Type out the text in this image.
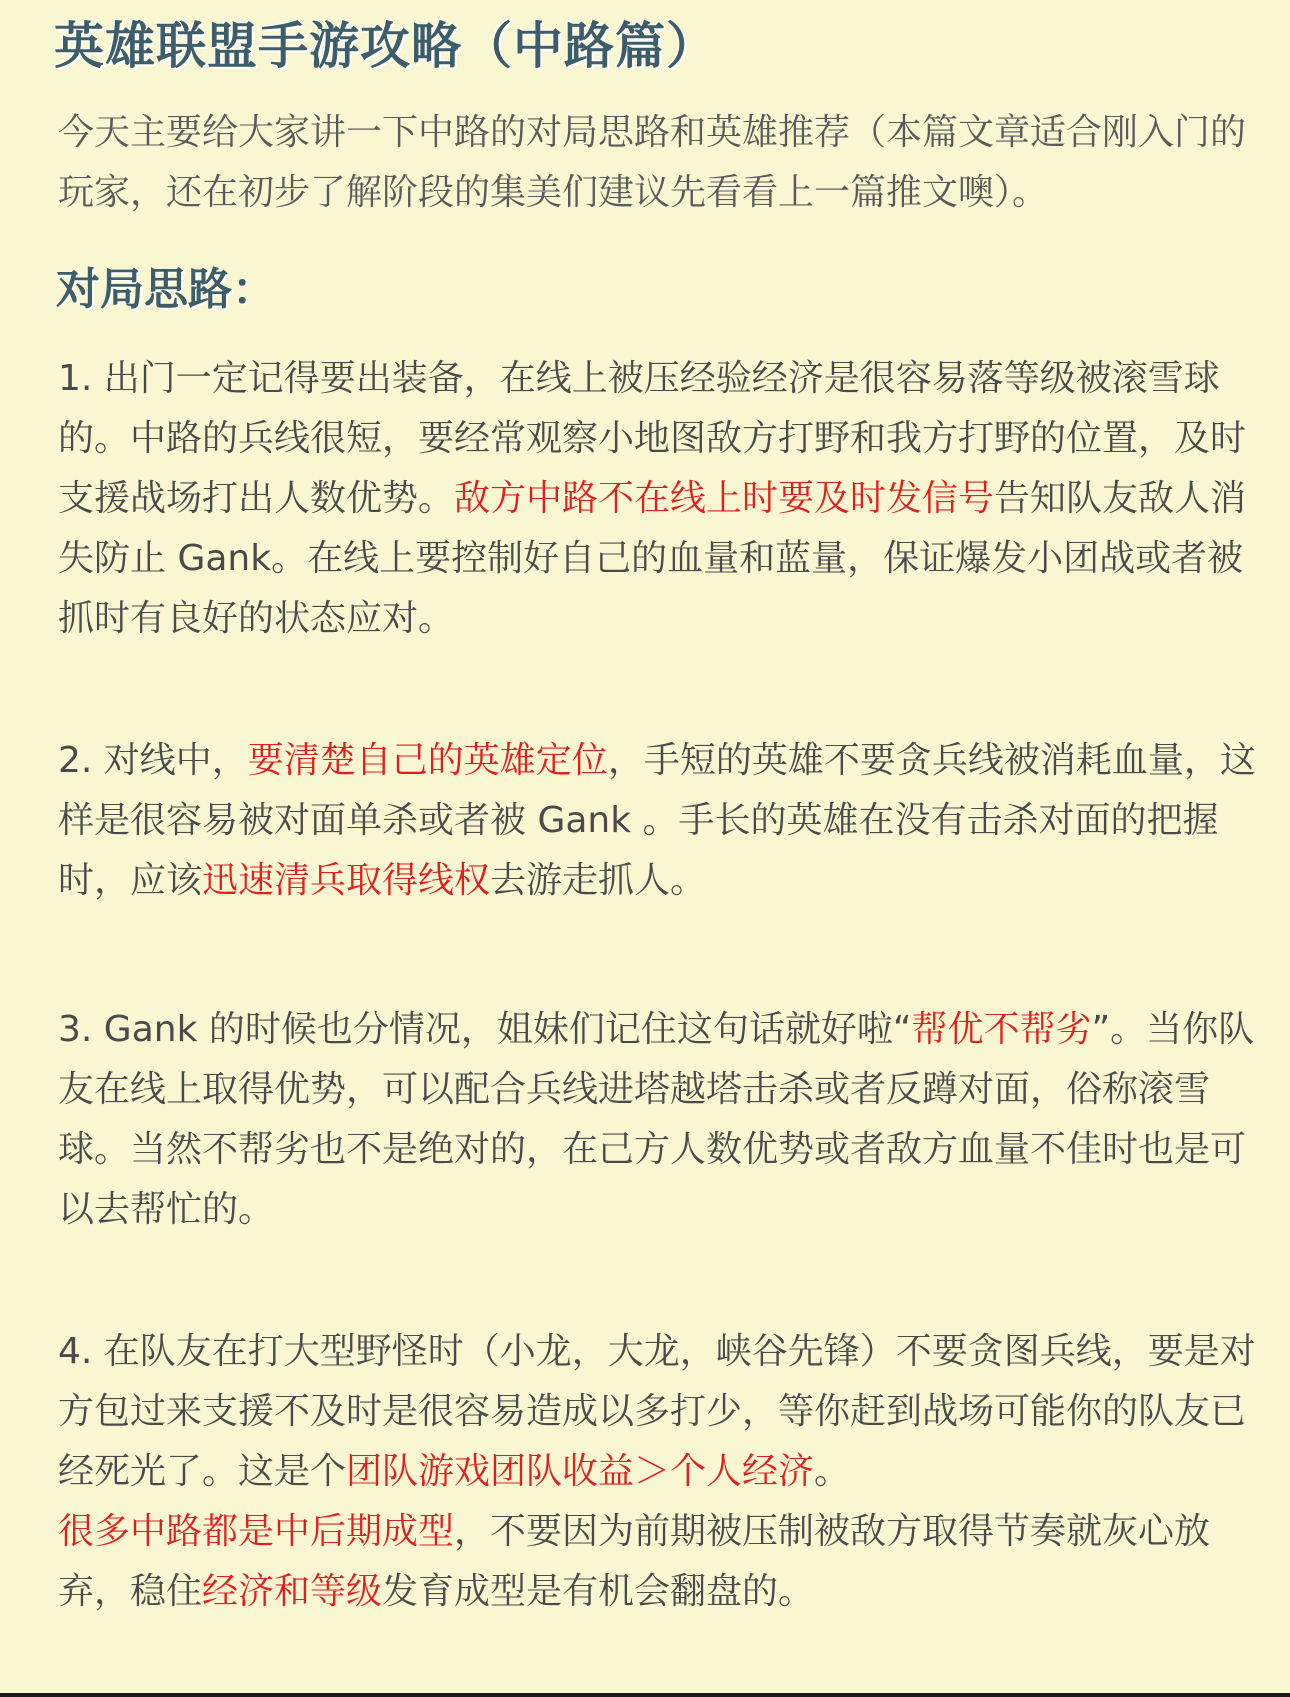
英雄联盟手游攻略（中路篇）

今天主要给大家讲一下中路的对局思路和英雄推荐（本篇文章适合刚入门的玩家，还在初步了解阶段的集美们建议先看看上一篇推文噢）。

对局思路：

1. 出门一定记得要出装备，在线上被压经验经济是很容易落等级被滚雪球的。中路的兵线很短，要经常观察小地图敌方打野和我方打野的位置，及时支援战场打出人数优势。敌方中路不在线上时要及时发信号告知队友敌人消失防止 Gank。在线上要控制好自己的血量和蓝量，保证爆发小团战或者被抓时有良好的状态应对。

2. 对线中，要清楚自己的英雄定位，手短的英雄不要贪兵线被消耗血量，这样是很容易被对面单杀或者被 Gank 。手长的英雄在没有击杀对面的把握时，应该迅速清兵取得线权去游走抓人。

3. Gank 的时候也分情况，姐妹们记住这句话就好啦“帮优不帮劣”。当你队友在线上取得优势，可以配合兵线进塔越塔击杀或者反蹲对面，俗称滚雪球。当然不帮劣也不是绝对的，在己方人数优势或者敌方血量不佳时也是可以去帮忙的。

4. 在队友在打大型野怪时（小龙，大龙，峡谷先锋）不要贪图兵线，要是对方包过来支援不及时是很容易造成以多打少，等你赶到战场可能你的队友已经死光了。这是个团队游戏团队收益＞个人经济。
很多中路都是中后期成型，不要因为前期被压制被敌方取得节奏就灰心放弃，稳住经济和等级发育成型是有机会翻盘的。
